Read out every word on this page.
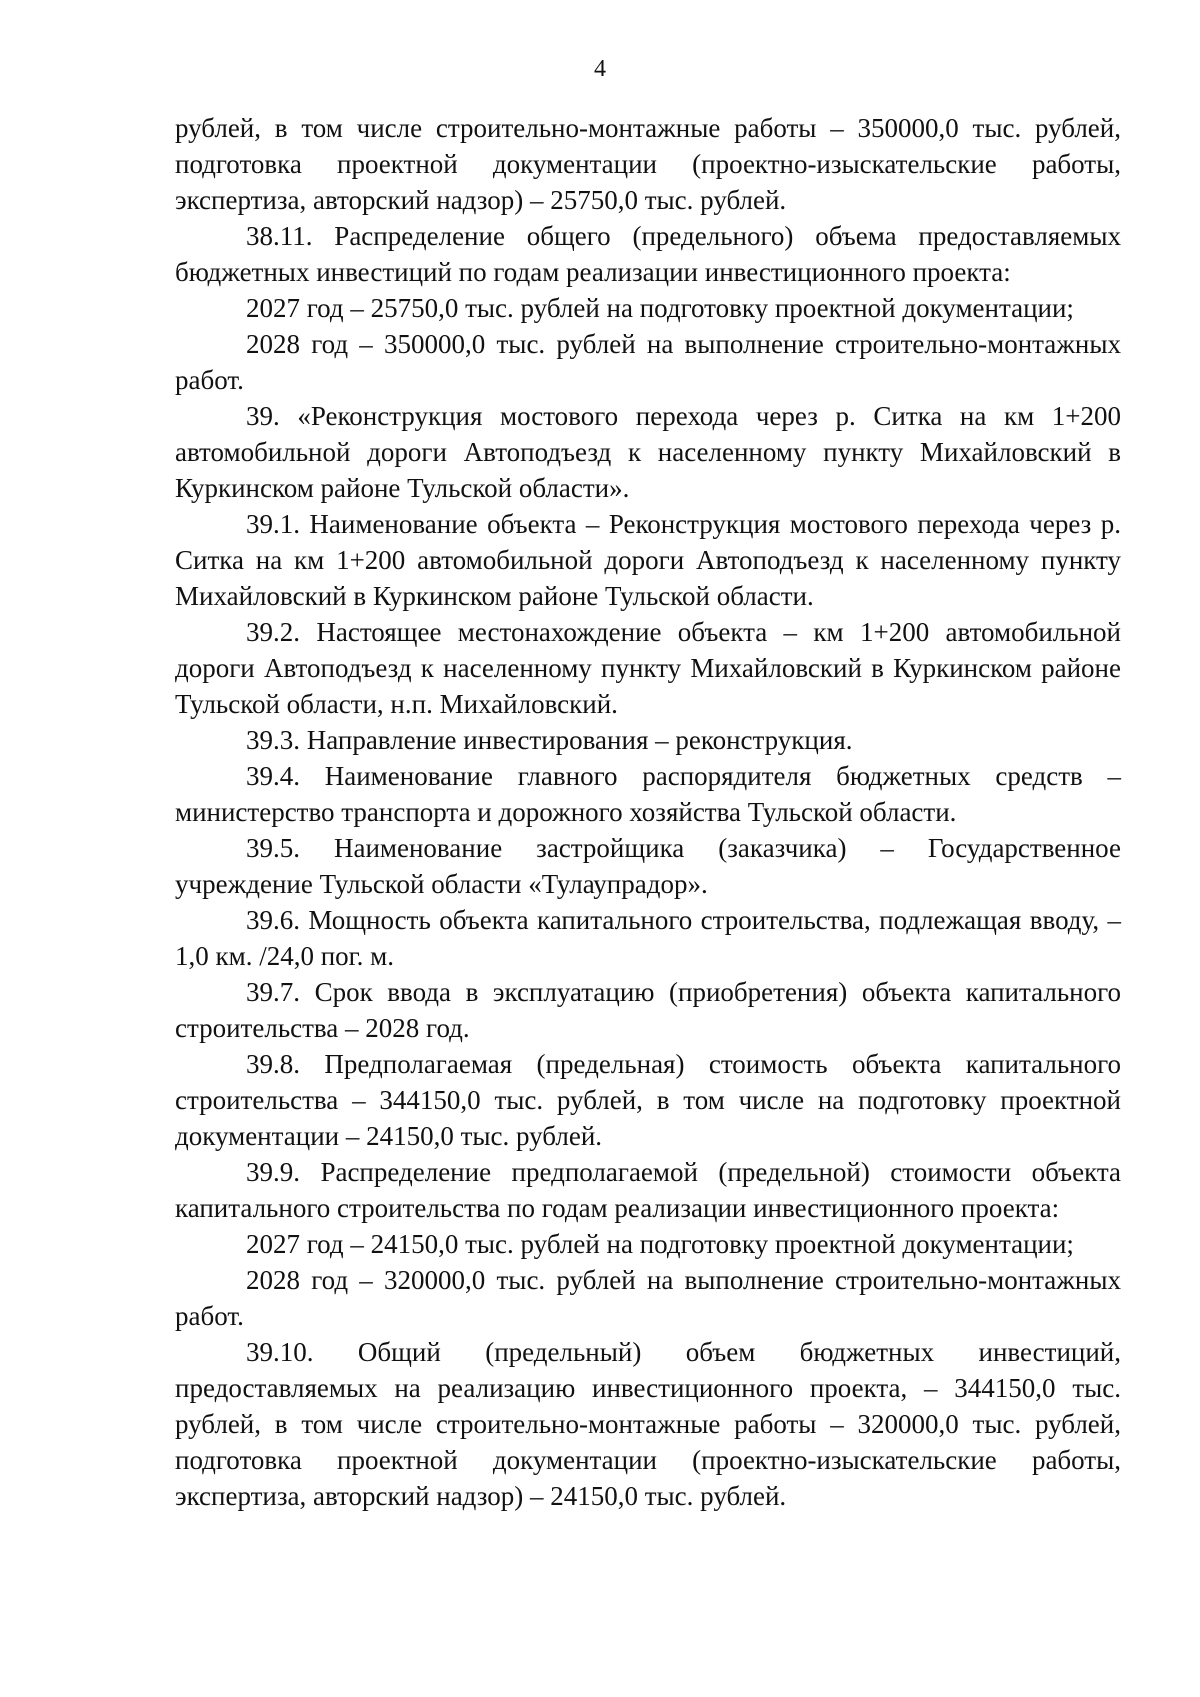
4

рублей, в том числе строительно-монтажные работы – 350000,0 тыс. рублей, подготовка проектной документации (проектно-изыскательские работы, экспертиза, авторский надзор) – 25750,0 тыс. рублей.

38.11. Распределение общего (предельного) объема предоставляемых бюджетных инвестиций по годам реализации инвестиционного проекта:

2027 год – 25750,0 тыс. рублей на подготовку проектной документации;

2028 год – 350000,0 тыс. рублей на выполнение строительно-монтажных работ.

39. «Реконструкция мостового перехода через р. Ситка на км 1+200 автомобильной дороги Автоподъезд к населенному пункту Михайловский в Куркинском районе Тульской области».

39.1. Наименование объекта – Реконструкция мостового перехода через р. Ситка на км 1+200 автомобильной дороги Автоподъезд к населенному пункту Михайловский в Куркинском районе Тульской области.

39.2. Настоящее местонахождение объекта – км 1+200 автомобильной дороги Автоподъезд к населенному пункту Михайловский в Куркинском районе Тульской области, н.п. Михайловский.

39.3. Направление инвестирования – реконструкция.

39.4. Наименование главного распорядителя бюджетных средств – министерство транспорта и дорожного хозяйства Тульской области.

39.5. Наименование застройщика (заказчика) – Государственное учреждение Тульской области «Тулаупрадор».

39.6. Мощность объекта капитального строительства, подлежащая вводу, – 1,0 км. /24,0 пог. м.

39.7. Срок ввода в эксплуатацию (приобретения) объекта капитального строительства – 2028 год.

39.8. Предполагаемая (предельная) стоимость объекта капитального строительства – 344150,0 тыс. рублей, в том числе на подготовку проектной документации – 24150,0 тыс. рублей.

39.9. Распределение предполагаемой (предельной) стоимости объекта капитального строительства по годам реализации инвестиционного проекта:

2027 год – 24150,0 тыс. рублей на подготовку проектной документации;

2028 год – 320000,0 тыс. рублей на выполнение строительно-монтажных работ.

39.10. Общий (предельный) объем бюджетных инвестиций, предоставляемых на реализацию инвестиционного проекта, – 344150,0 тыс. рублей, в том числе строительно-монтажные работы – 320000,0 тыс. рублей, подготовка проектной документации (проектно-изыскательские работы, экспертиза, авторский надзор) – 24150,0 тыс. рублей.
